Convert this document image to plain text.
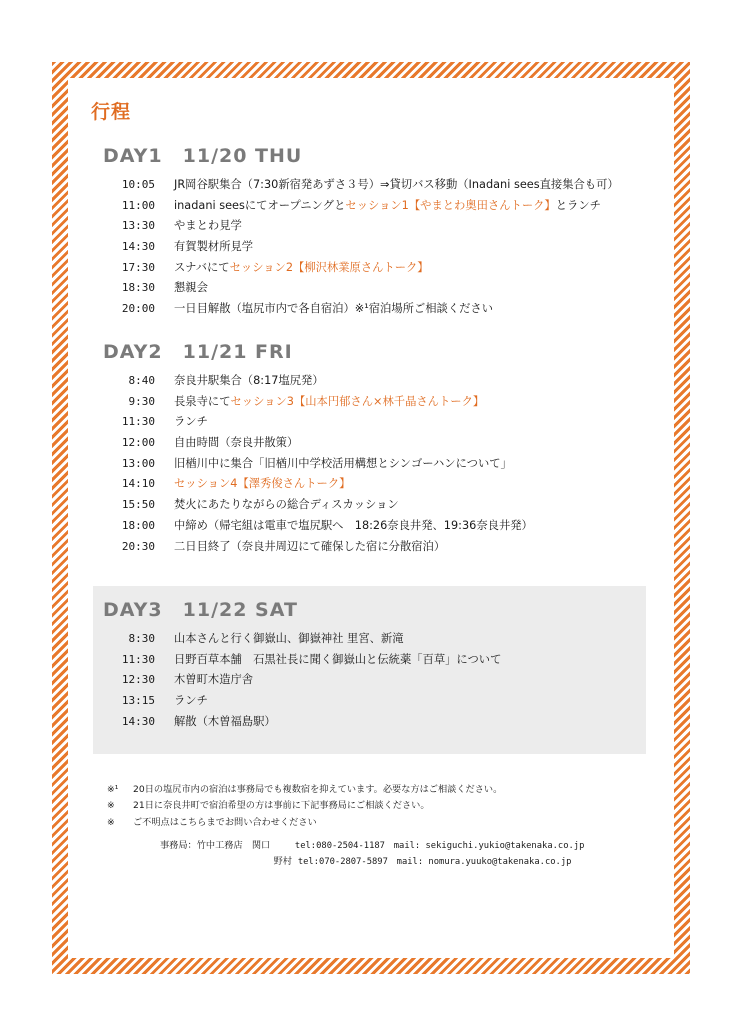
行程
DAY1 11/20 THU
10:05 JR岡谷駅集合（7:30新宿発あずさ３号）⇒貸切バス移動（Inadani sees直接集合も可）
11:00 inadani seesにてオープニングとセッション1【やまとわ奥田さんトーク】とランチ
13:30 やまとわ見学
14:30 有賀製材所見学
17:30 スナバにてセッション2【柳沢林業原さんトーク】
18:30 懇親会
20:00 一日目解散（塩尻市内で各自宿泊）※¹宿泊場所ご相談ください
DAY2 11/21 FRI
8:40 奈良井駅集合（8:17塩尻発）
9:30 長泉寺にてセッション3【山本円郁さん×林千晶さんトーク】
11:30 ランチ
12:00 自由時間（奈良井散策）
13:00 旧楢川中に集合「旧楢川中学校活用構想とシンゴーハンについて」
14:10 セッション4【澤秀俊さんトーク】
15:50 焚火にあたりながらの総合ディスカッション
18:00 中締め（帰宅組は電車で塩尻駅へ　18:26奈良井発、19:36奈良井発）
20:30 二日目終了（奈良井周辺にて確保した宿に分散宿泊）
DAY3 11/22 SAT
8:30 山本さんと行く御嶽山、御嶽神社 里宮、新滝
11:30 日野百草本舗　石黒社長に聞く御嶽山と伝統薬「百草」について
12:30 木曽町木造庁舎
13:15 ランチ
14:30 解散（木曽福島駅）
※¹ 20日の塩尻市内の宿泊は事務局でも複数宿を抑えています。必要な方はご相談ください。
※ 21日に奈良井町で宿泊希望の方は事前に下記事務局にご相談ください。
※ ご不明点はこちらまでお問い合わせください
事務局：竹中工務店　関口	tel:080-2504-1187 mail: sekiguchi.yukio@takenaka.co.jp
野村 tel:070-2807-5897 mail: nomura.yuuko@takenaka.co.jp
